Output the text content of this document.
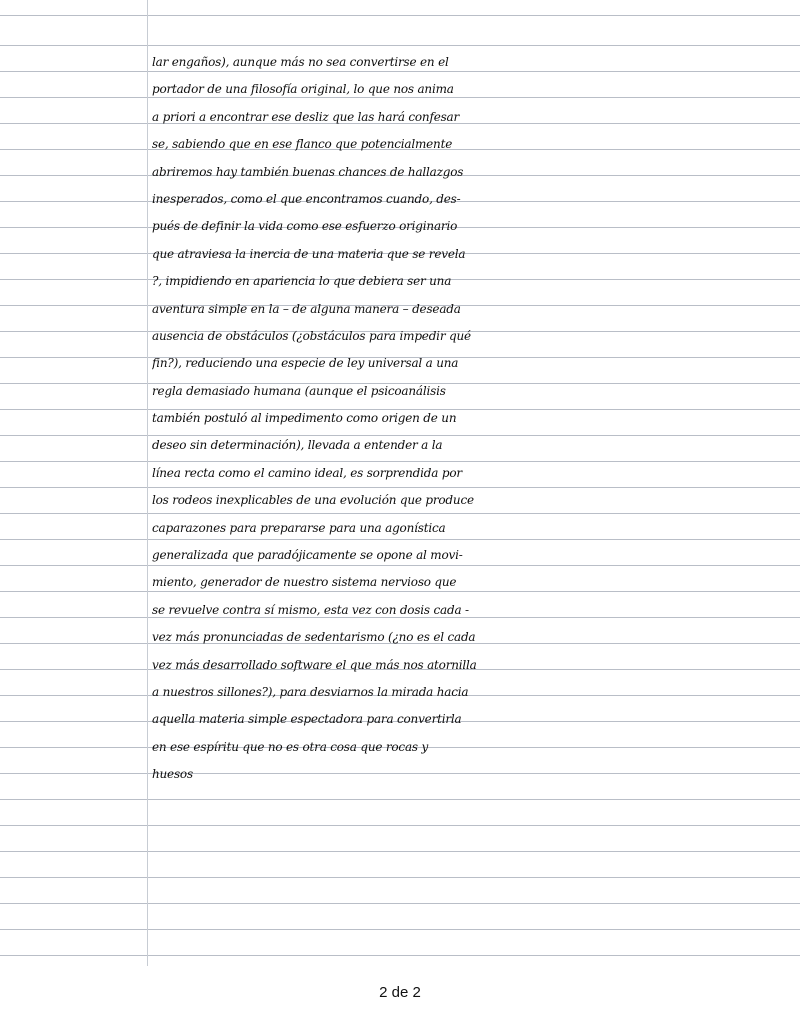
lar engaños), aunque más no sea convertirse en el
portador de una filosofía original, lo que nos anima
a priori a encontrar ese desliz que las hará confesar
se, sabiendo que en ese flanco que potencialmente
abriremos hay también buenas chances de hallazgos
inesperados, como el que encontramos cuando, des-
pués de definir la vida como ese esfuerzo originario
que atraviesa la inercia de una materia que se revela
?, impidiendo en apariencia lo que debiera ser una
aventura simple en la – de alguna manera – deseada
ausencia de obstáculos (¿obstáculos para impedir qué
fin?), reduciendo una especie de ley universal a una
regla demasiado humana (aunque el psicoanálisis
también postuló al impedimento como origen de un
deseo sin determinación), llevada a entender a la
línea recta como el camino ideal, es sorprendida por
los rodeos inexplicables de una evolución que produce
caparazones para prepararse para una agonística
generalizada que paradójicamente se opone al movi-
miento, generador de nuestro sistema nervioso que
se revuelve contra sí mismo, esta vez con dosis cada -
vez más pronunciadas de sedentarismo (¿no es el cada
vez más desarrollado software el que más nos atornilla
a nuestros sillones?), para desviarnos la mirada hacia
aquella materia simple espectadora para convertirla
en ese espíritu que no es otra cosa que rocas y
huesos
2 de 2
